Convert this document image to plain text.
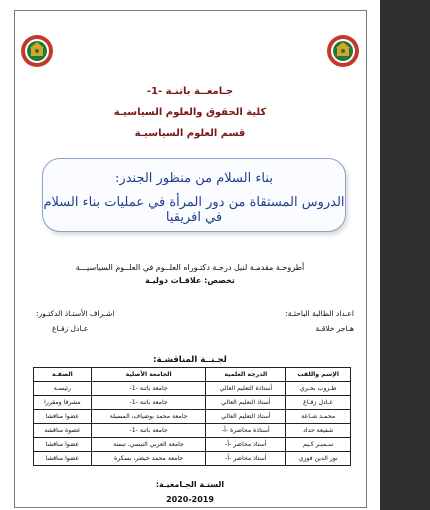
جـامعــة باتنـة -1-
كلية الحقوق والعلوم السياسيـة
قسم العلوم السياسيـة
بناء السلام من منظور الجندر:
الدروس المستقاة من دور المرأة في عمليات بناء السلام في افريقيا
أطروحـة مقدمـة لنيل درجـة دكتـوراه العلــوم في العلــوم السياسيـــة
تخصص: علاقـات دوليـة
اعـداد الطالبة الباحثـة:
هـاجر خلاقـة
اشـراف الأستـاذ الدكتـور:
عـادل زقـاغ
لجـنــة المناقشـة:
الإسم واللقب	الدرجة العلمية	الجامعة الأصلية	الصفـة
طـروب بحـري	أستاذة التعليم العالي	جامعة باتنة -1-	رئيسـة
عـادل زقـاغ	أستاذ التعليم العالي	جامعة باتنة -1-	مشرفا ومقررا
محمـد شـاعة	أستاذ التعليم العالي	جامعة محمد بوضياف، المسيلة	عضوا مناقشا
شفيعة حداد	أستاذة محاضرة -أ-	جامعة باتنة -1-	عضوة مناقشة
سـميـر كـيم	أستاذ محاضر -أ-	جامعة العربي التبسي، تبسة	عضوا مناقشا
نور الدين فوزي	أستاذ محاضر -أ-	جامعة محمد خيضر، بسكرة	عضوا مناقشا
السنـة الجـامعيـة:
2020-2019
